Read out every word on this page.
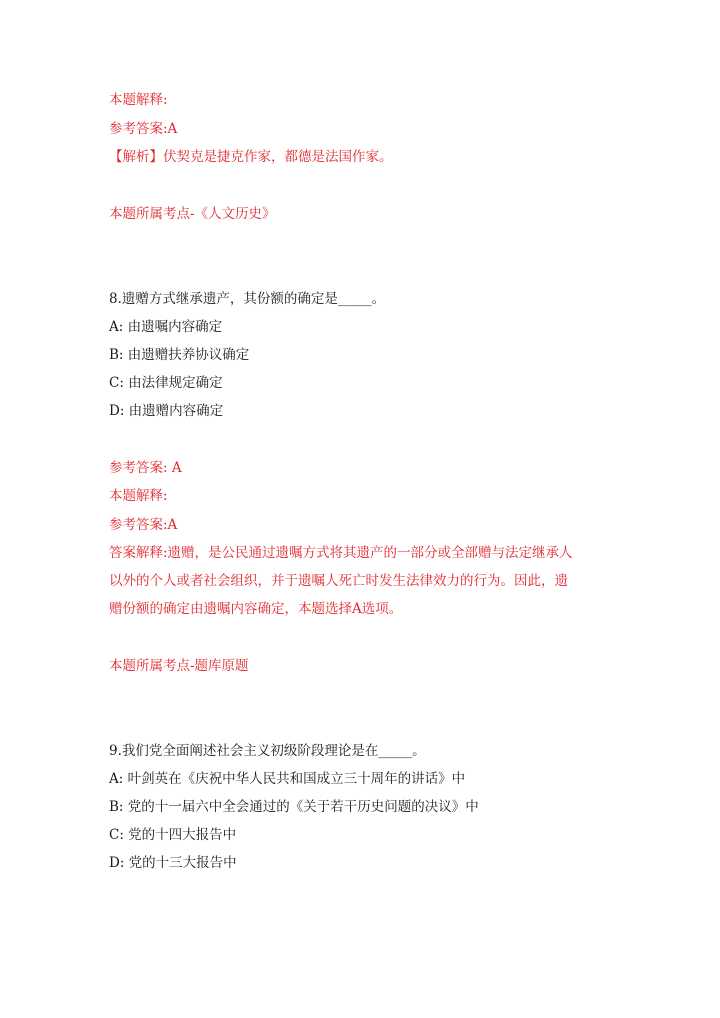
本题解释:
参考答案:A
【解析】伏契克是捷克作家，都德是法国作家。
本题所属考点-《人文历史》
8.遗赠方式继承遗产，其份额的确定是_____。
A: 由遗嘱内容确定
B: 由遗赠扶养协议确定
C: 由法律规定确定
D: 由遗赠内容确定
参考答案: A
本题解释:
参考答案:A
答案解释:遗赠，是公民通过遗嘱方式将其遗产的一部分或全部赠与法定继承人
以外的个人或者社会组织，并于遗嘱人死亡时发生法律效力的行为。因此，遗
赠份额的确定由遗嘱内容确定，本题选择A选项。
本题所属考点-题库原题
9.我们党全面阐述社会主义初级阶段理论是在_____。
A: 叶剑英在《庆祝中华人民共和国成立三十周年的讲话》中
B: 党的十一届六中全会通过的《关于若干历史问题的决议》中
C: 党的十四大报告中
D: 党的十三大报告中
